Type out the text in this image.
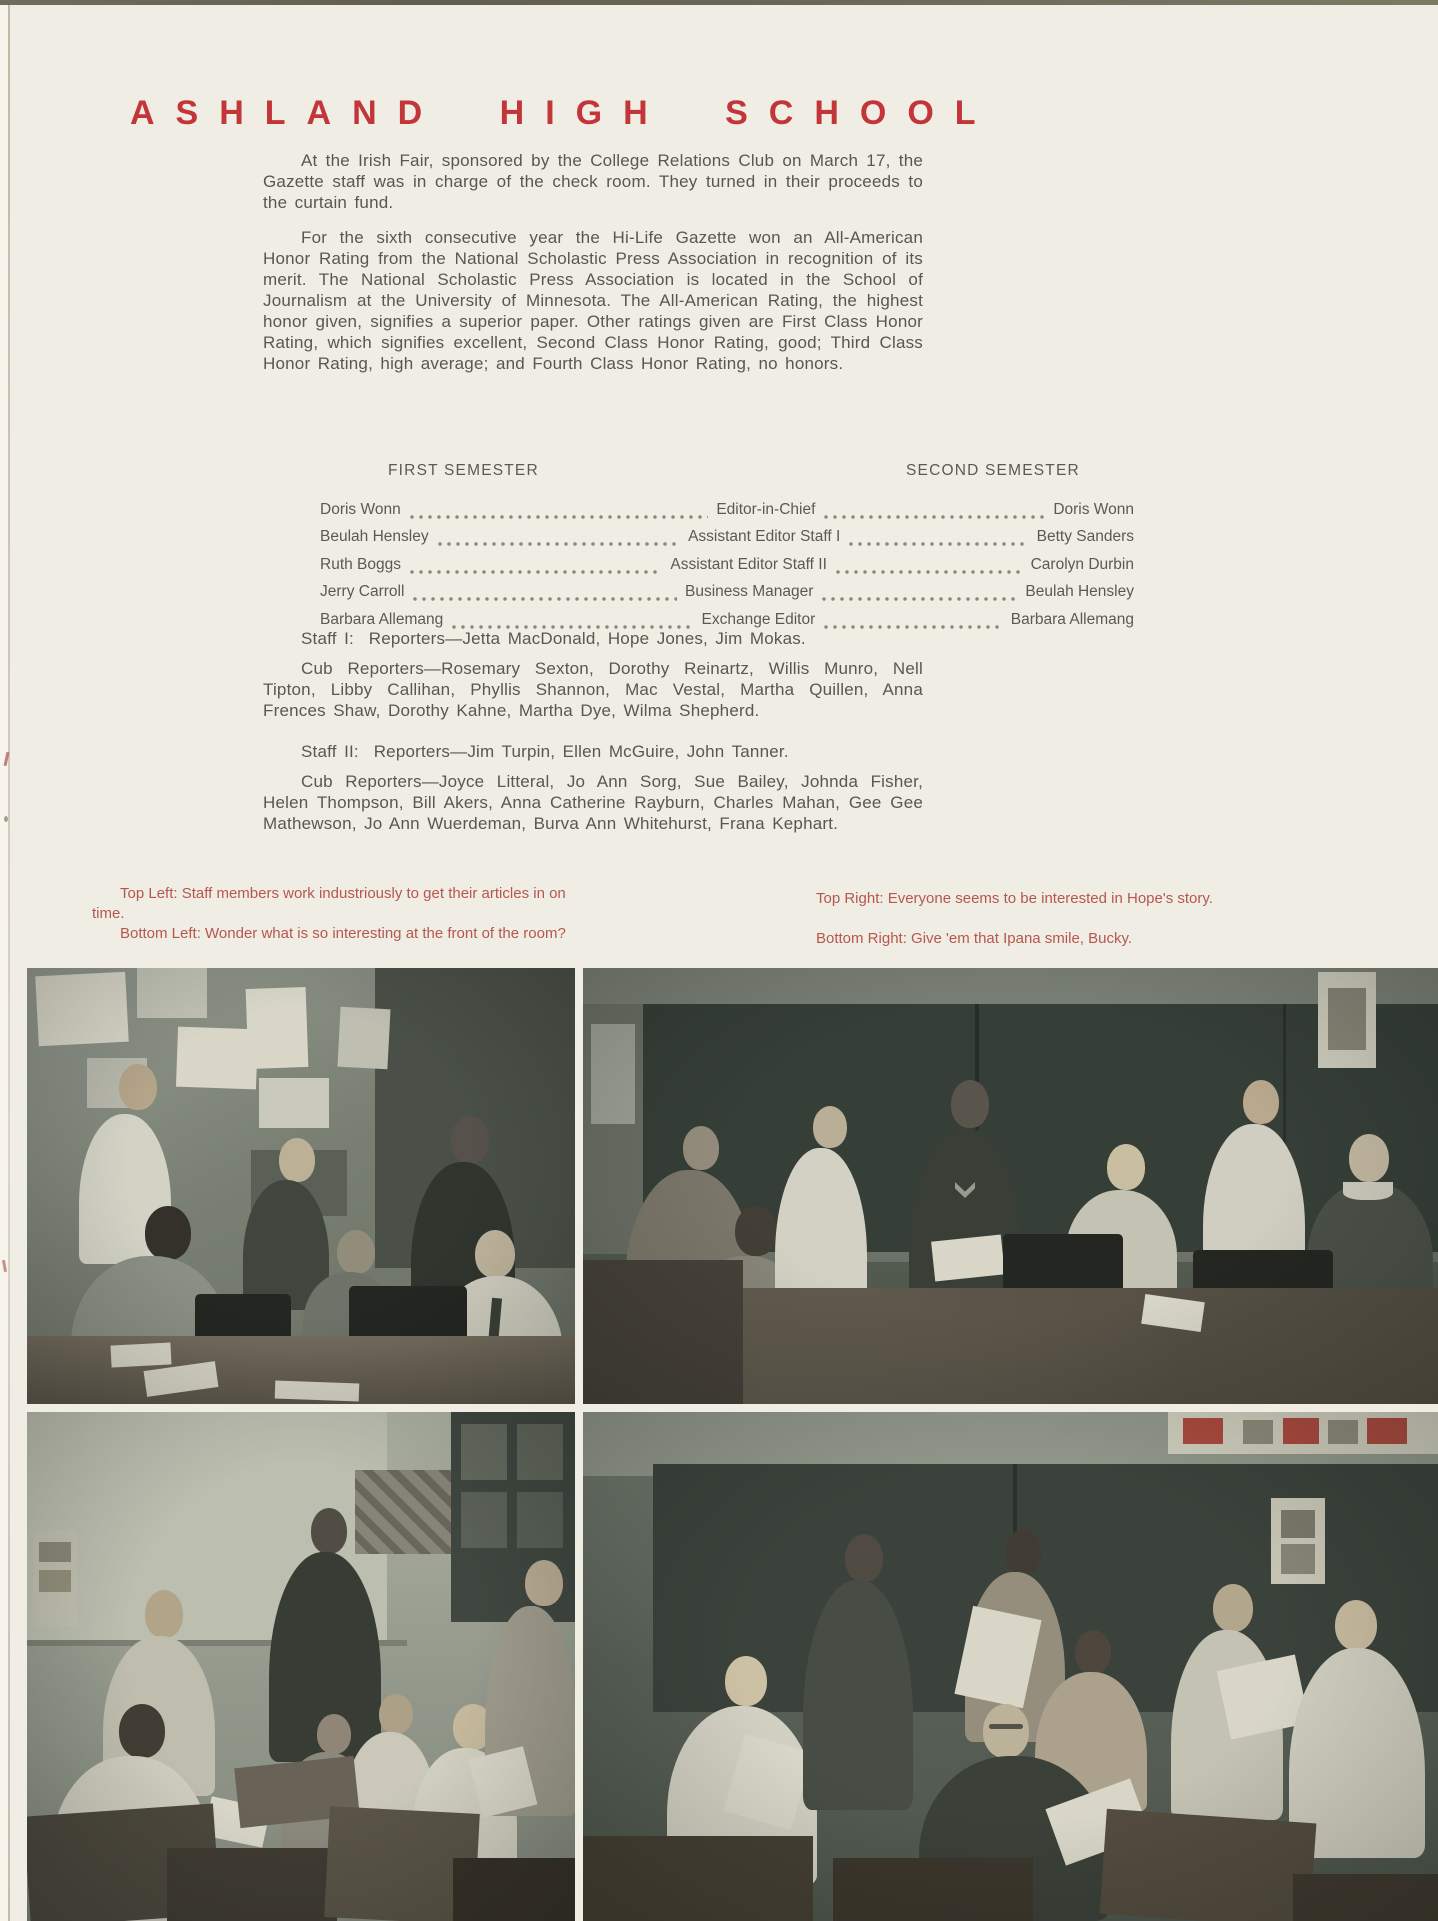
ASHLAND HIGH SCHOOL

At the Irish Fair, sponsored by the College Relations Club on March 17, the Gazette staff was in charge of the check room. They turned in their proceeds to the curtain fund.

For the sixth consecutive year the Hi-Life Gazette won an All-American Honor Rating from the National Scholastic Press Association in recognition of its merit. The National Scholastic Press Association is located in the School of Journalism at the University of Minnesota. The All-American Rating, the highest honor given, signifies a superior paper. Other ratings given are First Class Honor Rating, which signifies excellent, Second Class Honor Rating, good; Third Class Honor Rating, high average; and Fourth Class Honor Rating, no honors.

FIRST SEMESTER	SECOND SEMESTER
Doris Wonn	Editor-in-Chief	Doris Wonn
Beulah Hensley	Assistant Editor Staff I	Betty Sanders
Ruth Boggs	Assistant Editor Staff II	Carolyn Durbin
Jerry Carroll	Business Manager	Beulah Hensley
Barbara Allemang	Exchange Editor	Barbara Allemang

Staff I:  Reporters—Jetta MacDonald, Hope Jones, Jim Mokas.

Cub Reporters—Rosemary Sexton, Dorothy Reinartz, Willis Munro, Nell Tipton, Libby Callihan, Phyllis Shannon, Mac Vestal, Martha Quillen, Anna Frences Shaw, Dorothy Kahne, Martha Dye, Wilma Shepherd.

Staff II:  Reporters—Jim Turpin, Ellen McGuire, John Tanner.

Cub Reporters—Joyce Litteral, Jo Ann Sorg, Sue Bailey, Johnda Fisher, Helen Thompson, Bill Akers, Anna Catherine Rayburn, Charles Mahan, Gee Gee Mathewson, Jo Ann Wuerdeman, Burva Ann Whitehurst, Frana Kephart.

Top Left: Staff members work industriously to get their articles in on time.

Bottom Left: Wonder what is so interesting at the front of the room?

Top Right: Everyone seems to be interested in Hope's story.

Bottom Right: Give 'em that Ipana smile, Bucky.
